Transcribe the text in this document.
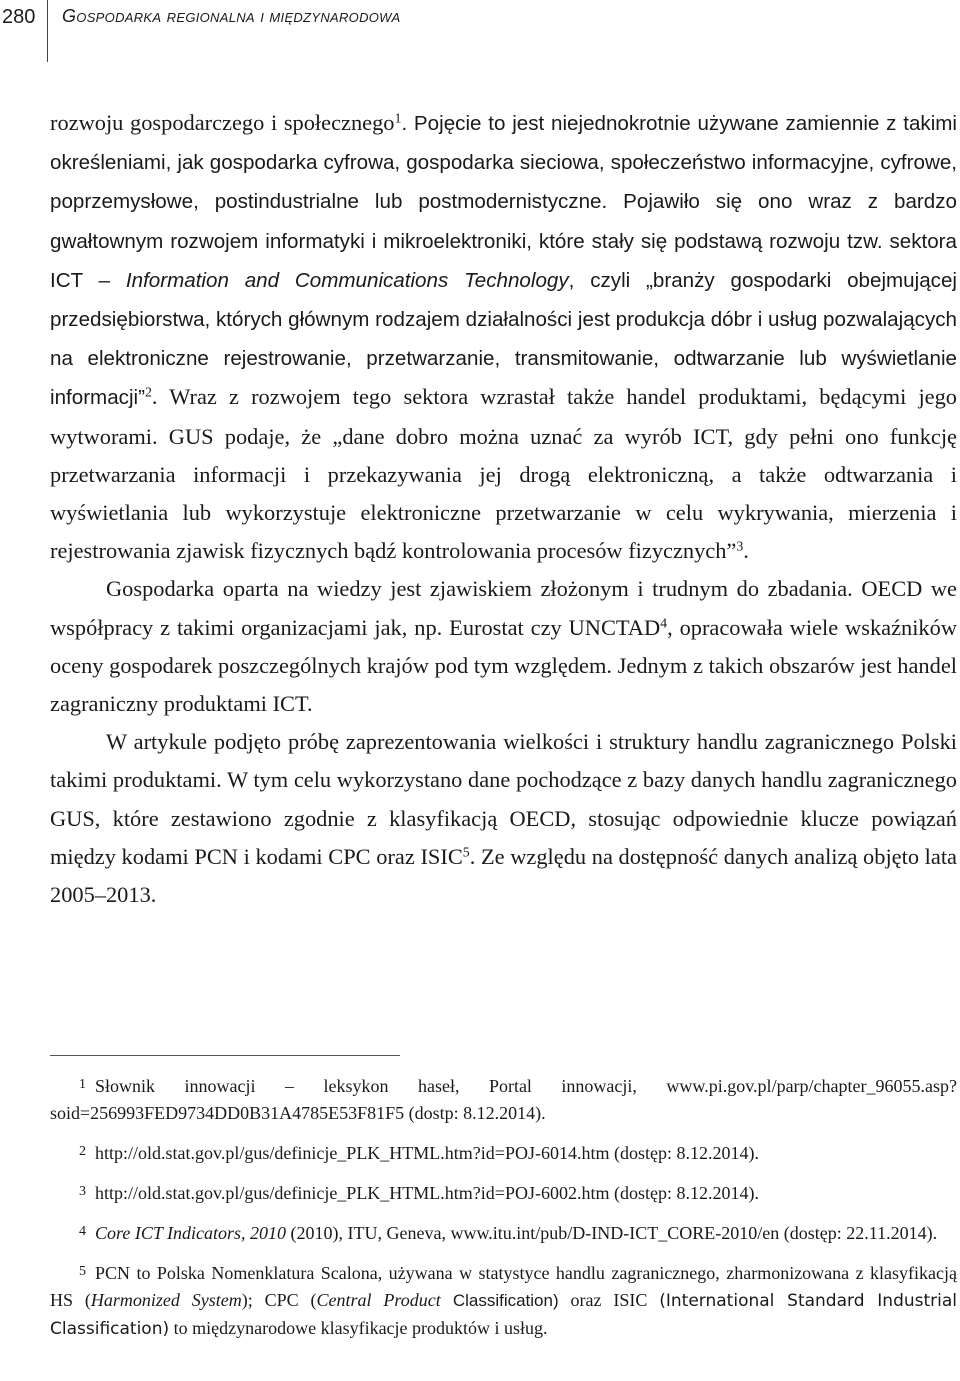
280 Gospodarka regionalna i międzynarodowa

rozwoju gospodarczego i społecznego$^1$. Pojęcie to jest niejednokrotnie używane zamiennie z takimi określeniami, jak gospodarka cyfrowa, gospodarka sieciowa, społeczeństwo informacyjne, cyfrowe, poprzemysłowe, postindustrialne lub postmodernistyczne. Pojawiło się ono wraz z bardzo gwałtownym rozwojem informatyki i mikroelektroniki, które stały się podstawą rozwoju tzw. sektora ICT – Information and Communications Technology, czyli „branży gospodarki obejmującej przedsiębiorstwa, których głównym rodzajem działalności jest produkcja dóbr i usług pozwalających na elektroniczne rejestrowanie, przetwarzanie, transmitowanie, odtwarzanie lub wyświetlanie informacji”$^2$. Wraz z rozwojem tego sektora wzrastał także handel produktami, będącymi jego wytworami. GUS podaje, że „dane dobro można uznać za wyrób ICT, gdy pełni ono funkcję przetwarzania informacji i przekazywania jej drogą elektroniczną, a także odtwarzania i wyświetlania lub wykorzystuje elektroniczne przetwarzanie w celu wykrywania, mierzenia i rejestrowania zjawisk fizycznych bądź kontrolowania procesów fizycznych”$^3$.

Gospodarka oparta na wiedzy jest zjawiskiem złożonym i trudnym do zbadania. OECD we współpracy z takimi organizacjami jak, np. Eurostat czy UNCTAD$^4$, opracowała wiele wskaźników oceny gospodarek poszczególnych krajów pod tym względem. Jednym z takich obszarów jest handel zagraniczny produktami ICT.

W artykule podjęto próbę zaprezentowania wielkości i struktury handlu zagranicznego Polski takimi produktami. W tym celu wykorzystano dane pochodzące z bazy danych handlu zagranicznego GUS, które zestawiono zgodnie z klasyfikacją OECD, stosując odpowiednie klucze powiązań między kodami PCN i kodami CPC oraz ISIC$^5$. Ze względu na dostępność danych analizą objęto lata 2005–2013.

1 Słownik innowacji – leksykon haseł, Portal innowacji, www.pi.gov.pl/parp/chapter_96055.asp?soid=256993FED9734DD0B31A4785E53F81F5 (dostp: 8.12.2014).

2 http://old.stat.gov.pl/gus/definicje_PLK_HTML.htm?id=POJ-6014.htm (dostęp: 8.12.2014).

3 http://old.stat.gov.pl/gus/definicje_PLK_HTML.htm?id=POJ-6002.htm (dostęp: 8.12.2014).

4 Core ICT Indicators, 2010 (2010), ITU, Geneva, www.itu.int/pub/D-IND-ICT_CORE-2010/en (dostęp: 22.11.2014).

5 PCN to Polska Nomenklatura Scalona, używana w statystyce handlu zagranicznego, zharmonizowana z klasyfikacją HS (Harmonized System); CPC (Central Product Classification) oraz ISIC (International Standard Industrial Classification) to międzynarodowe klasyfikacje produktów i usług.
